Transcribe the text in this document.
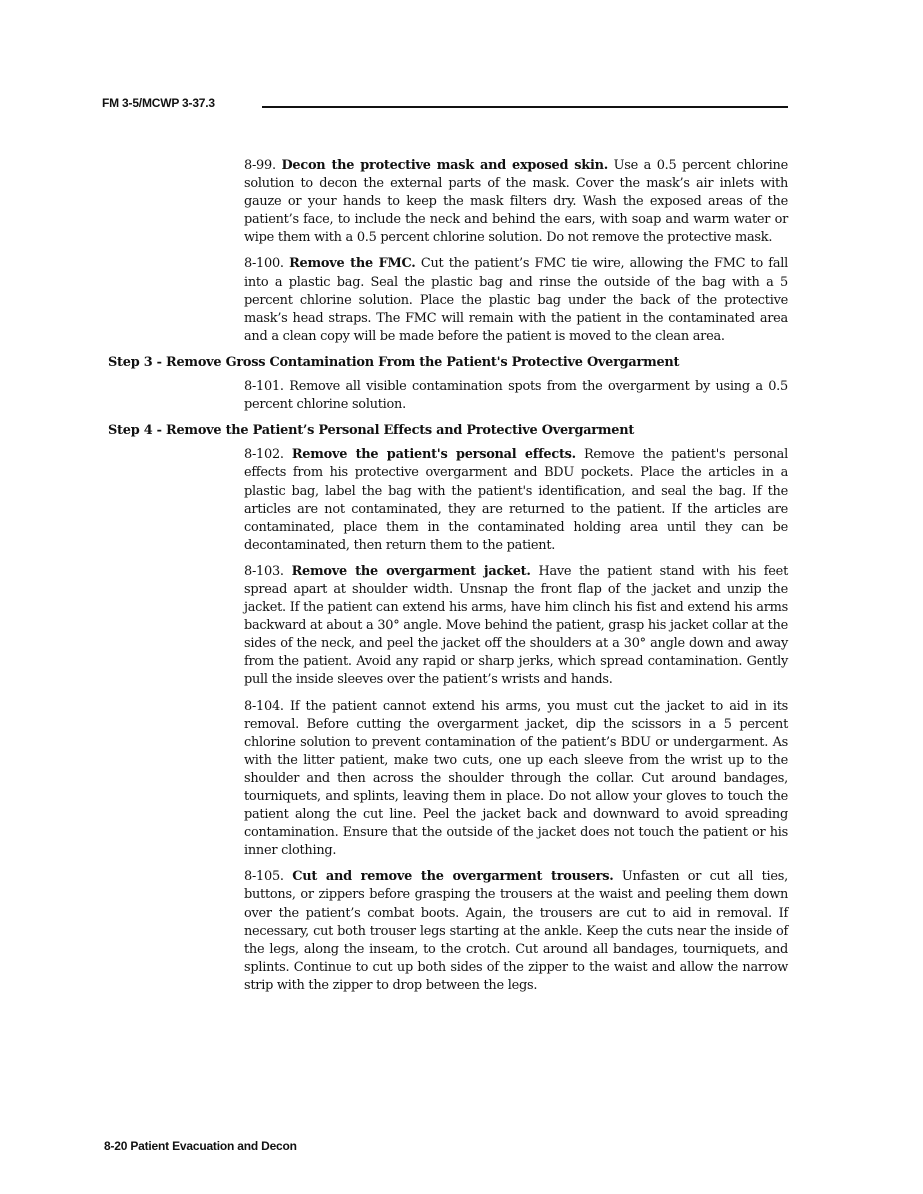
FM 3-5/MCWP 3-37.3

8-99. Decon the protective mask and exposed skin. Use a 0.5 percent chlorine solution to decon the external parts of the mask. Cover the mask’s air inlets with gauze or your hands to keep the mask filters dry. Wash the exposed areas of the patient’s face, to include the neck and behind the ears, with soap and warm water or wipe them with a 0.5 percent chlorine solution. Do not remove the protective mask.

8-100. Remove the FMC. Cut the patient’s FMC tie wire, allowing the FMC to fall into a plastic bag. Seal the plastic bag and rinse the outside of the bag with a 5 percent chlorine solution. Place the plastic bag under the back of the protective mask’s head straps. The FMC will remain with the patient in the contaminated area and a clean copy will be made before the patient is moved to the clean area.

Step 3 - Remove Gross Contamination From the Patient's Protective Overgarment

8-101. Remove all visible contamination spots from the overgarment by using a 0.5 percent chlorine solution.

Step 4 - Remove the Patient’s Personal Effects and Protective Overgarment

8-102. Remove the patient's personal effects. Remove the patient's personal effects from his protective overgarment and BDU pockets. Place the articles in a plastic bag, label the bag with the patient's identification, and seal the bag. If the articles are not contaminated, they are returned to the patient. If the articles are contaminated, place them in the contaminated holding area until they can be decontaminated, then return them to the patient.

8-103. Remove the overgarment jacket. Have the patient stand with his feet spread apart at shoulder width. Unsnap the front flap of the jacket and unzip the jacket. If the patient can extend his arms, have him clinch his fist and extend his arms backward at about a 30° angle. Move behind the patient, grasp his jacket collar at the sides of the neck, and peel the jacket off the shoulders at a 30° angle down and away from the patient. Avoid any rapid or sharp jerks, which spread contamination. Gently pull the inside sleeves over the patient’s wrists and hands.

8-104. If the patient cannot extend his arms, you must cut the jacket to aid in its removal. Before cutting the overgarment jacket, dip the scissors in a 5 percent chlorine solution to prevent contamination of the patient’s BDU or undergarment. As with the litter patient, make two cuts, one up each sleeve from the wrist up to the shoulder and then across the shoulder through the collar. Cut around bandages, tourniquets, and splints, leaving them in place. Do not allow your gloves to touch the patient along the cut line. Peel the jacket back and downward to avoid spreading contamination. Ensure that the outside of the jacket does not touch the patient or his inner clothing.

8-105. Cut and remove the overgarment trousers. Unfasten or cut all ties, buttons, or zippers before grasping the trousers at the waist and peeling them down over the patient’s combat boots. Again, the trousers are cut to aid in removal. If necessary, cut both trouser legs starting at the ankle. Keep the cuts near the inside of the legs, along the inseam, to the crotch. Cut around all bandages, tourniquets, and splints. Continue to cut up both sides of the zipper to the waist and allow the narrow strip with the zipper to drop between the legs.

8-20 Patient Evacuation and Decon
